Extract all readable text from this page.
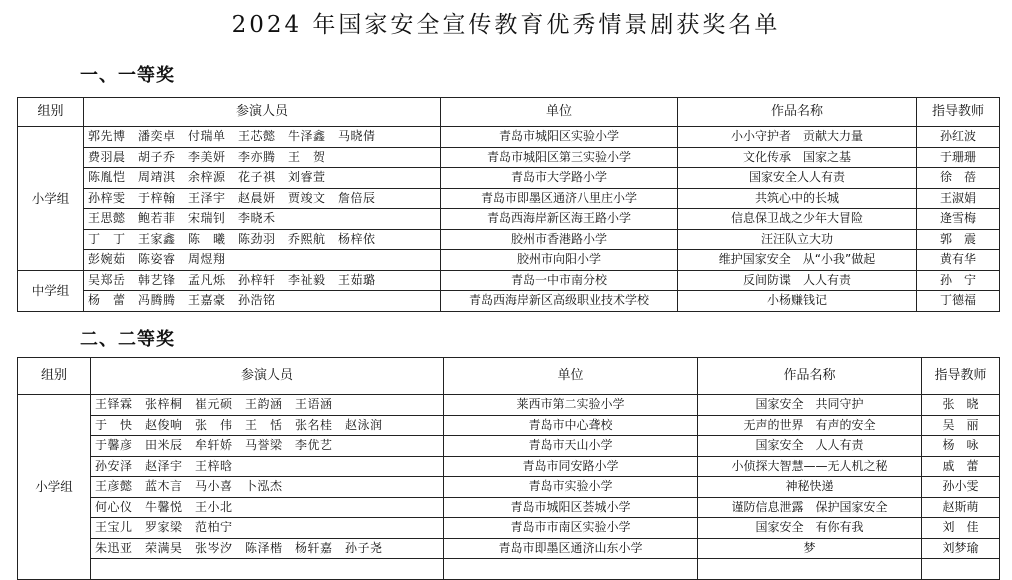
2024 年国家安全宣传教育优秀情景剧获奖名单
一、一等奖
组别	参演人员	单位	作品名称	指导教师
小学组	郭先博　潘奕卓　付瑞单　王芯懿　牛泽鑫　马晓倩	青岛市城阳区实验小学	小小守护者　贡献大力量	孙红波
	费羽晨　胡子乔　李美妍　李亦腾　王　贺	青岛市城阳区第三实验小学	文化传承　国家之基	于珊珊
	陈胤恺　周靖淇　余梓源　花子祺　刘睿萱	青岛市大学路小学	国家安全人人有责	徐　蓓
	孙梓雯　于梓翰　王泽宇　赵晨妍　贾竣文　詹倍辰	青岛市即墨区通济八里庄小学	共筑心中的长城	王淑娟
	王思懿　鲍若菲　宋瑞钊　李晓禾	青岛西海岸新区海王路小学	信息保卫战之少年大冒险	逄雪梅
	丁　丁　王家鑫　陈　曦　陈劲羽　乔熙航　杨梓依	胶州市香港路小学	汪汪队立大功	郭　震
	彭婉茹　陈姿睿　周煜翔	胶州市向阳小学	维护国家安全　从“小我”做起	黄有华
中学组	吴郑岳　韩艺锋　孟凡烁　孙梓轩　李祉毅　王茹璐	青岛一中市南分校	反间防谍　人人有责	孙　宁
	杨　蕾　冯腾腾　王嘉豪　孙浩铭	青岛西海岸新区高级职业技术学校	小杨赚钱记	丁德福
二、二等奖
组别	参演人员	单位	作品名称	指导教师
小学组	王铎霖　张梓桐　崔元硕　王韵涵　王语涵	莱西市第二实验小学	国家安全　共同守护	张　晓
	于　快　赵俊响　张　伟　王　恬　张名桂　赵泳润	青岛市中心聋校	无声的世界　有声的安全	吴　丽
	于馨彦　田米辰　牟轩娇　马誉梁　李优艺	青岛市天山小学	国家安全　人人有责	杨　咏
	孙安泽　赵泽宇　王梓晗	青岛市同安路小学	小侦探大智慧——无人机之秘	戚　蕾
	王彦懿　蓝木言　马小喜　卜泓杰	青岛市实验小学	神秘快递	孙小雯
	何心仪　牛馨悦　王小北	青岛市城阳区荟城小学	谨防信息泄露　保护国家安全	赵斯萌
	王宝儿　罗家梁　范柏宁	青岛市市南区实验小学	国家安全　有你有我	刘　佳
	朱迅亚　荣满昊　张岑汐　陈泽楷　杨轩嘉　孙子尧	青岛市即墨区通济山东小学	梦	刘梦瑜
